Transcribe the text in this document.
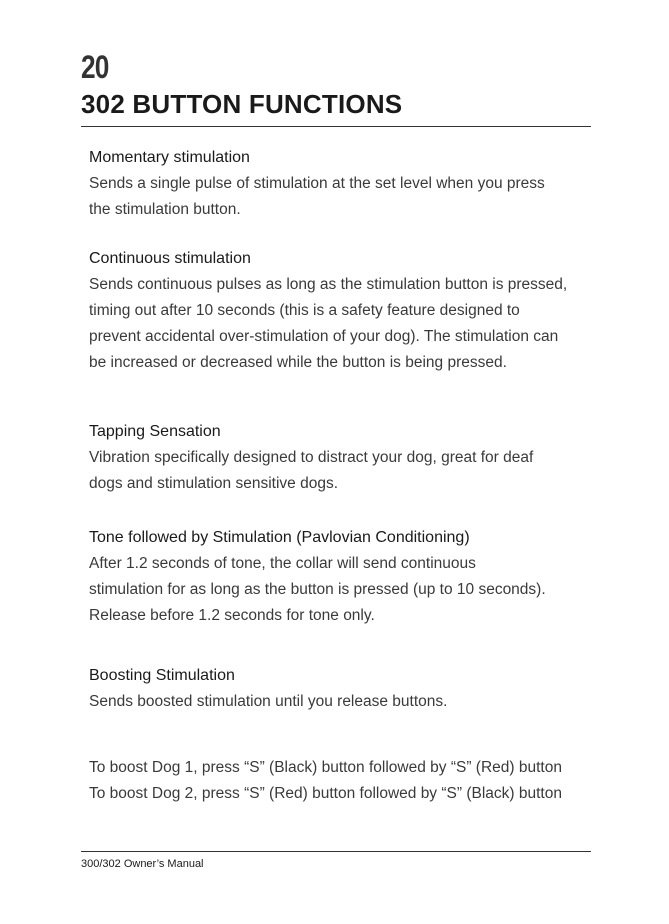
20
302 BUTTON FUNCTIONS
Momentary stimulation

Sends a single pulse of stimulation at the set level when you press
the stimulation button.

Continuous stimulation

Sends continuous pulses as long as the stimulation button is pressed,
timing out after 10 seconds (this is a safety feature designed to
prevent accidental over-stimulation of your dog). The stimulation can
be increased or decreased while the button is being pressed.

Tapping Sensation

Vibration specifically designed to distract your dog, great for deaf
dogs and stimulation sensitive dogs.

Tone followed by Stimulation (Pavlovian Conditioning)

After 1.2 seconds of tone, the collar will send continuous
stimulation for as long as the button is pressed (up to 10 seconds).
Release before 1.2 seconds for tone only.

Boosting Stimulation

Sends boosted stimulation until you release buttons.

To boost Dog 1, press “S” (Black) button followed by “S” (Red) button
To boost Dog 2, press “S” (Red) button followed by “S” (Black) button

300/302 Owner’s Manual
